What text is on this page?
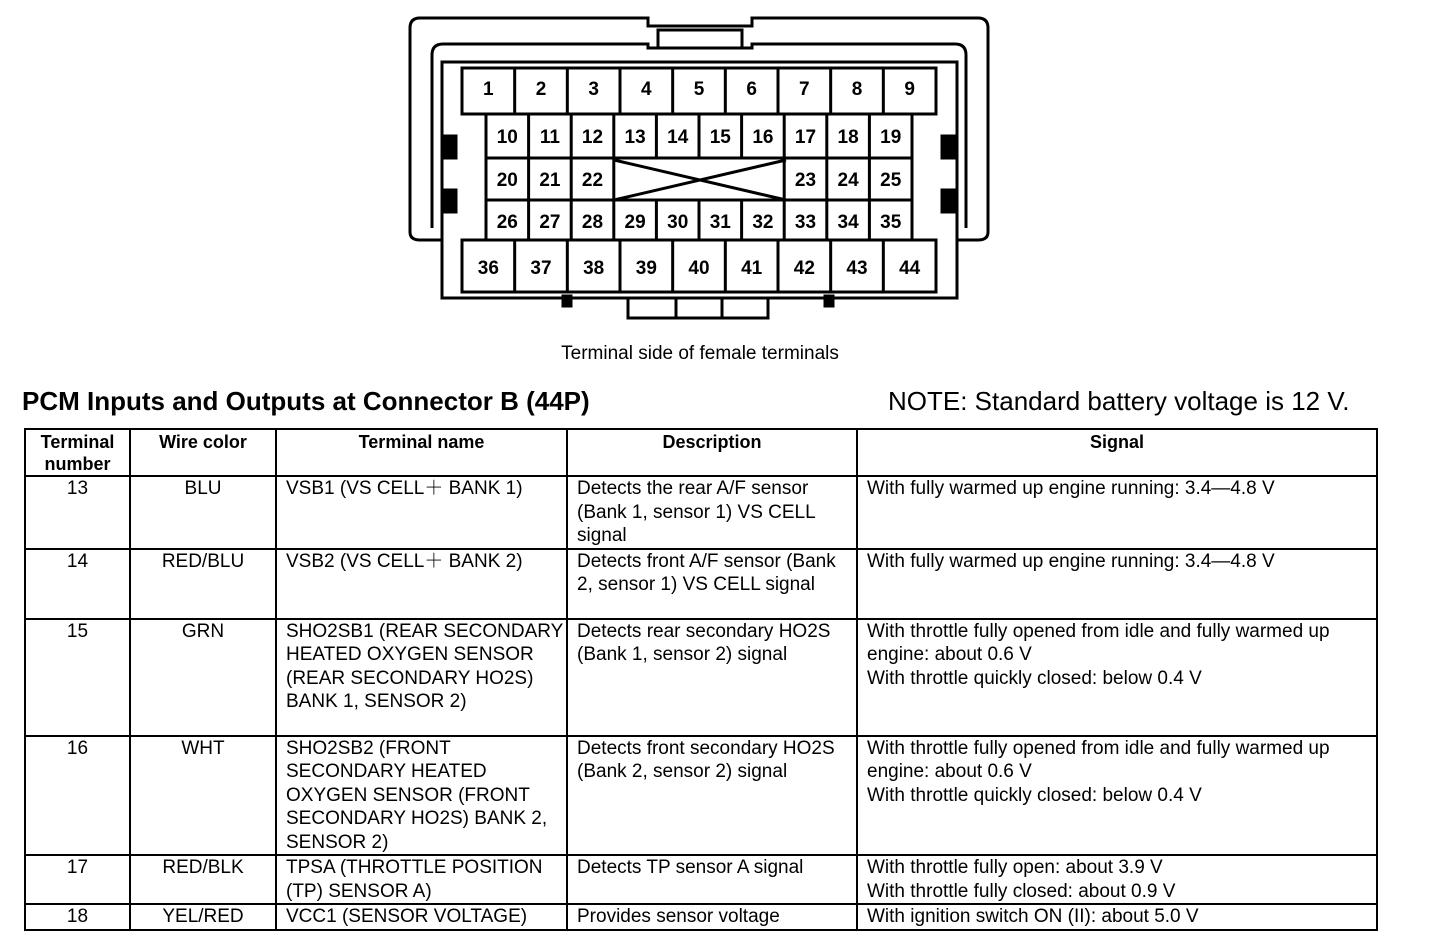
1 2 3 4 5 6 7 8 9
10 11 12 13 14 15 16 17 18 19
20 21 22	23 24 25
26 27 28 29 30 31 32 33 34 35
36 37 38 39 40 41 42 43 44
Terminal side of female terminals
PCM Inputs and Outputs at Connector B (44P)	NOTE: Standard battery voltage is 12 V.
Terminal number	Wire color	Terminal name	Description	Signal
13	BLU	VSB1 (VS CELL＋ BANK 1)	Detects the rear A/F sensor (Bank 1, sensor 1) VS CELL signal	With fully warmed up engine running: 3.4—4.8 V

14	RED/BLU	VSB2 (VS CELL＋ BANK 2)	Detects front A/F sensor (Bank 2, sensor 1) VS CELL signal	With fully warmed up engine running: 3.4—4.8 V

15	GRN	SHO2SB1 (REAR SECONDARY HEATED OXYGEN SENSOR (REAR SECONDARY HO2S) BANK 1, SENSOR 2)	Detects rear secondary HO2S (Bank 1, sensor 2) signal	With throttle fully opened from idle and fully warmed up engine: about 0.6 V
With throttle quickly closed: below 0.4 V

16	WHT	SHO2SB2 (FRONT SECONDARY HEATED OXYGEN SENSOR (FRONT SECONDARY HO2S) BANK 2, SENSOR 2)	Detects front secondary HO2S (Bank 2, sensor 2) signal	With throttle fully opened from idle and fully warmed up engine: about 0.6 V
With throttle quickly closed: below 0.4 V

17	RED/BLK	TPSA (THROTTLE POSITION (TP) SENSOR A)	Detects TP sensor A signal	With throttle fully open: about 3.9 V
With throttle fully closed: about 0.9 V

18	YEL/RED	VCC1 (SENSOR VOLTAGE)	Provides sensor voltage	With ignition switch ON (II): about 5.0 V
